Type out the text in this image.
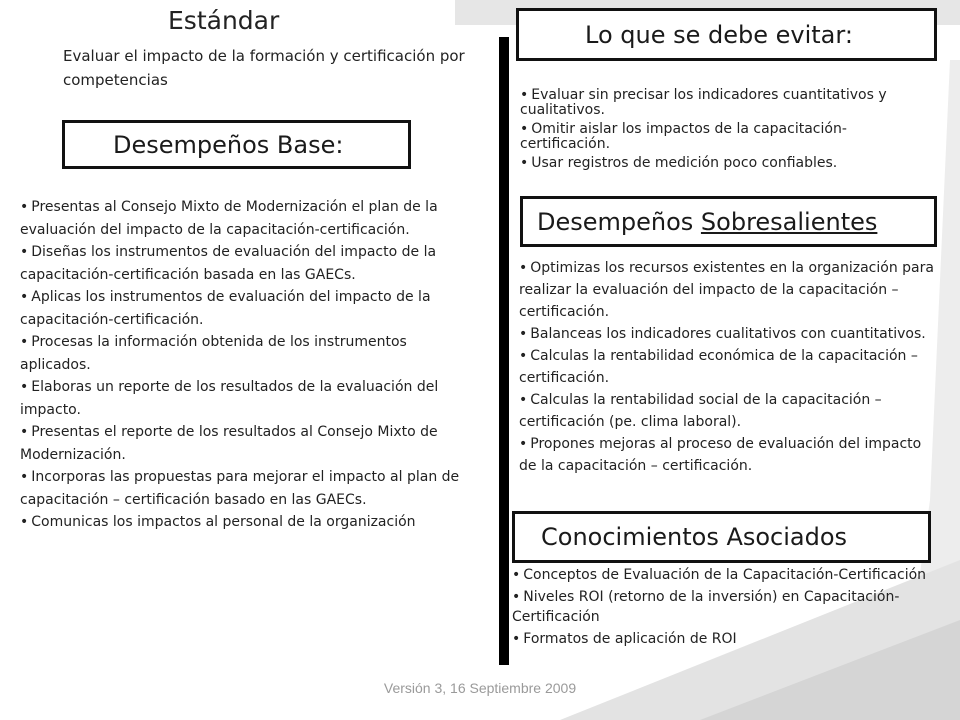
Estándar
Evaluar el impacto de la formación y certificación por competencias
Desempeños Base:
• Presentas al Consejo Mixto de Modernización el plan de la evaluación del impacto de la capacitación-certificación.
• Diseñas los instrumentos de evaluación del impacto de la capacitación-certificación basada en las GAECs.
• Aplicas los instrumentos de evaluación del impacto de la capacitación-certificación.
• Procesas la información obtenida de los instrumentos aplicados.
• Elaboras un reporte de los resultados de la evaluación del impacto.
• Presentas el reporte de los resultados al Consejo Mixto de Modernización.
• Incorporas las propuestas para mejorar el impacto al plan de capacitación – certificación basado en las GAECs.
• Comunicas los impactos al personal de la organización
Lo que se debe evitar:
• Evaluar sin precisar los indicadores cuantitativos y cualitativos.
• Omitir aislar los impactos de la capacitación-certificación.
• Usar registros de medición poco confiables.
Desempeños Sobresalientes
• Optimizas los recursos existentes en la organización para realizar la evaluación del impacto de la capacitación – certificación.
• Balanceas los indicadores cualitativos con cuantitativos.
• Calculas la rentabilidad económica de la capacitación – certificación.
• Calculas la rentabilidad social de la capacitación – certificación (pe. clima laboral).
• Propones mejoras al proceso de evaluación del impacto de la capacitación – certificación.
Conocimientos Asociados
• Conceptos de Evaluación de la Capacitación-Certificación
• Niveles ROI (retorno de la inversión) en Capacitación-Certificación
• Formatos de aplicación de ROI
Versión 3, 16 Septiembre 2009
